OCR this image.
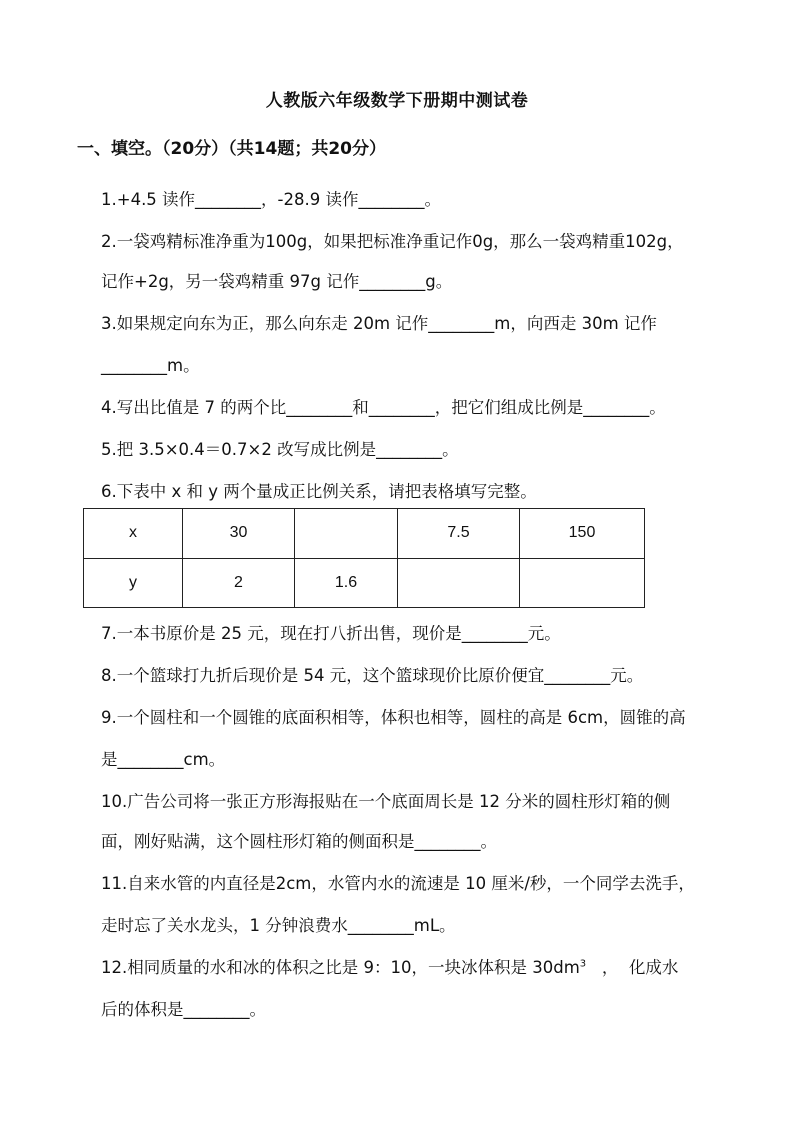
人教版六年级数学下册期中测试卷
一、填空。（20分）（共14题；共20分）
1.+4.5 读作________，-28.9 读作________。
2.一袋鸡精标准净重为100g，如果把标准净重记作0g，那么一袋鸡精重102g，
记作+2g，另一袋鸡精重 97g 记作________g。
3.如果规定向东为正，那么向东走 20m 记作________m，向西走 30m 记作
________m。
4.写出比值是 7 的两个比________和________，把它们组成比例是________。
5.把 3.5×0.4＝0.7×2 改写成比例是________。
6.下表中 x 和 y 两个量成正比例关系，请把表格填写完整。
x	30		7.5	150
y	2	1.6		
7.一本书原价是 25 元，现在打八折出售，现价是________元。
8.一个篮球打九折后现价是 54 元，这个篮球现价比原价便宜________元。
9.一个圆柱和一个圆锥的底面积相等，体积也相等，圆柱的高是 6cm，圆锥的高
是________cm。
10.广告公司将一张正方形海报贴在一个底面周长是 12 分米的圆柱形灯箱的侧
面，刚好贴满，这个圆柱形灯箱的侧面积是________。
11.自来水管的内直径是2cm，水管内水的流速是 10 厘米/秒，一个同学去洗手，
走时忘了关水龙头，1 分钟浪费水________mL。
12.相同质量的水和冰的体积之比是 9：10，一块冰体积是 $30dm^3$   ，  化成水
后的体积是________。
